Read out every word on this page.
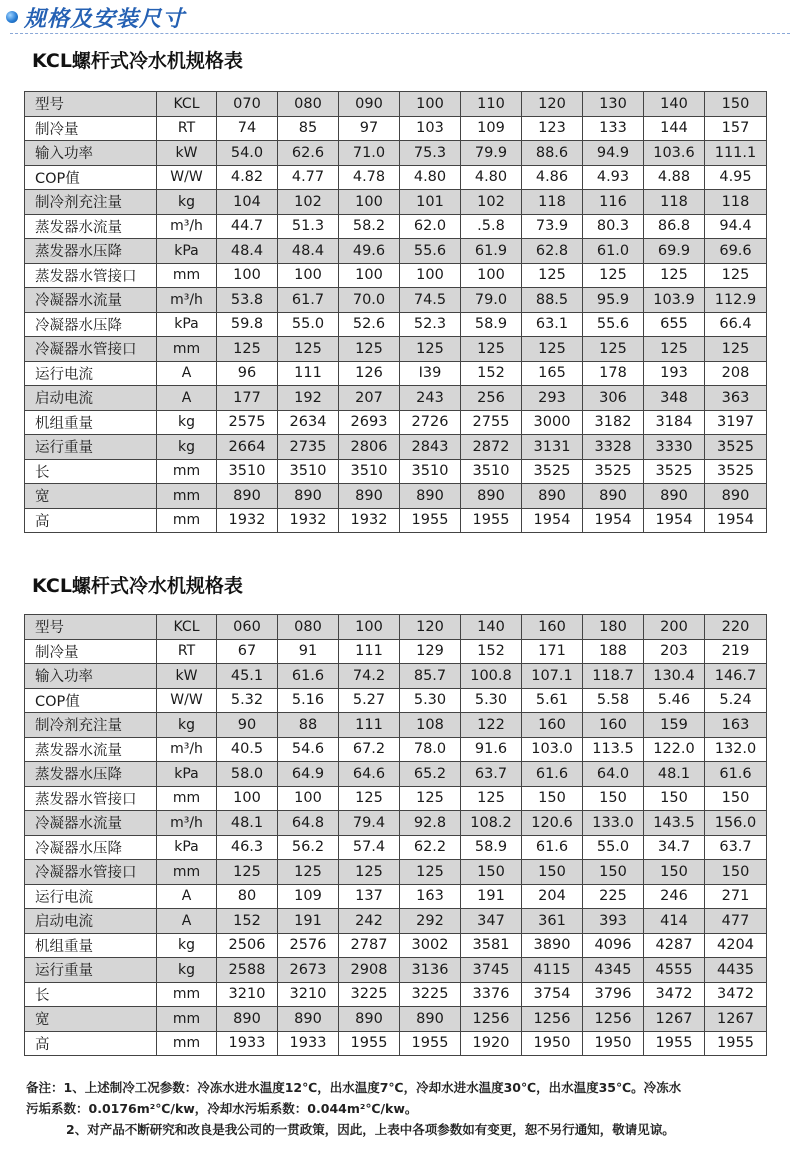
规格及安装尺寸
KCL螺杆式冷水机规格表
型号	KCL	070	080	090	100	110	120	130	140	150
制冷量	RT	74	85	97	103	109	123	133	144	157
输入功率	kW	54.0	62.6	71.0	75.3	79.9	88.6	94.9	103.6	111.1
COP值	W/W	4.82	4.77	4.78	4.80	4.80	4.86	4.93	4.88	4.95
制冷剂充注量	kg	104	102	100	101	102	118	116	118	118
蒸发器水流量	m³/h	44.7	51.3	58.2	62.0	.5.8	73.9	80.3	86.8	94.4
蒸发器水压降	kPa	48.4	48.4	49.6	55.6	61.9	62.8	61.0	69.9	69.6
蒸发器水管接口	mm	100	100	100	100	100	125	125	125	125
冷凝器水流量	m³/h	53.8	61.7	70.0	74.5	79.0	88.5	95.9	103.9	112.9
冷凝器水压降	kPa	59.8	55.0	52.6	52.3	58.9	63.1	55.6	655	66.4
冷凝器水管接口	mm	125	125	125	125	125	125	125	125	125
运行电流	A	96	111	126	I39	152	165	178	193	208
启动电流	A	177	192	207	243	256	293	306	348	363
机组重量	kg	2575	2634	2693	2726	2755	3000	3182	3184	3197
运行重量	kg	2664	2735	2806	2843	2872	3131	3328	3330	3525
长	mm	3510	3510	3510	3510	3510	3525	3525	3525	3525
宽	mm	890	890	890	890	890	890	890	890	890
高	mm	1932	1932	1932	1955	1955	1954	1954	1954	1954
KCL螺杆式冷水机规格表
型号	KCL	060	080	100	120	140	160	180	200	220
制冷量	RT	67	91	111	129	152	171	188	203	219
输入功率	kW	45.1	61.6	74.2	85.7	100.8	107.1	118.7	130.4	146.7
COP值	W/W	5.32	5.16	5.27	5.30	5.30	5.61	5.58	5.46	5.24
制冷剂充注量	kg	90	88	111	108	122	160	160	159	163
蒸发器水流量	m³/h	40.5	54.6	67.2	78.0	91.6	103.0	113.5	122.0	132.0
蒸发器水压降	kPa	58.0	64.9	64.6	65.2	63.7	61.6	64.0	48.1	61.6
蒸发器水管接口	mm	100	100	125	125	125	150	150	150	150
冷凝器水流量	m³/h	48.1	64.8	79.4	92.8	108.2	120.6	133.0	143.5	156.0
冷凝器水压降	kPa	46.3	56.2	57.4	62.2	58.9	61.6	55.0	34.7	63.7
冷凝器水管接口	mm	125	125	125	125	150	150	150	150	150
运行电流	A	80	109	137	163	191	204	225	246	271
启动电流	A	152	191	242	292	347	361	393	414	477
机组重量	kg	2506	2576	2787	3002	3581	3890	4096	4287	4204
运行重量	kg	2588	2673	2908	3136	3745	4115	4345	4555	4435
长	mm	3210	3210	3225	3225	3376	3754	3796	3472	3472
宽	mm	890	890	890	890	1256	1256	1256	1267	1267
高	mm	1933	1933	1955	1955	1920	1950	1950	1955	1955
备注：1、上述制冷工况参数：冷冻水进水温度12℃，出水温度7℃，冷却水进水温度30℃，出水温度35℃。冷冻水
污垢系数：0.0176m²℃/kw，冷却水污垢系数：0.044m²℃/kw。
2、对产品不断研究和改良是我公司的一贯政策，因此，上表中各项参数如有变更，恕不另行通知，敬请见谅。
